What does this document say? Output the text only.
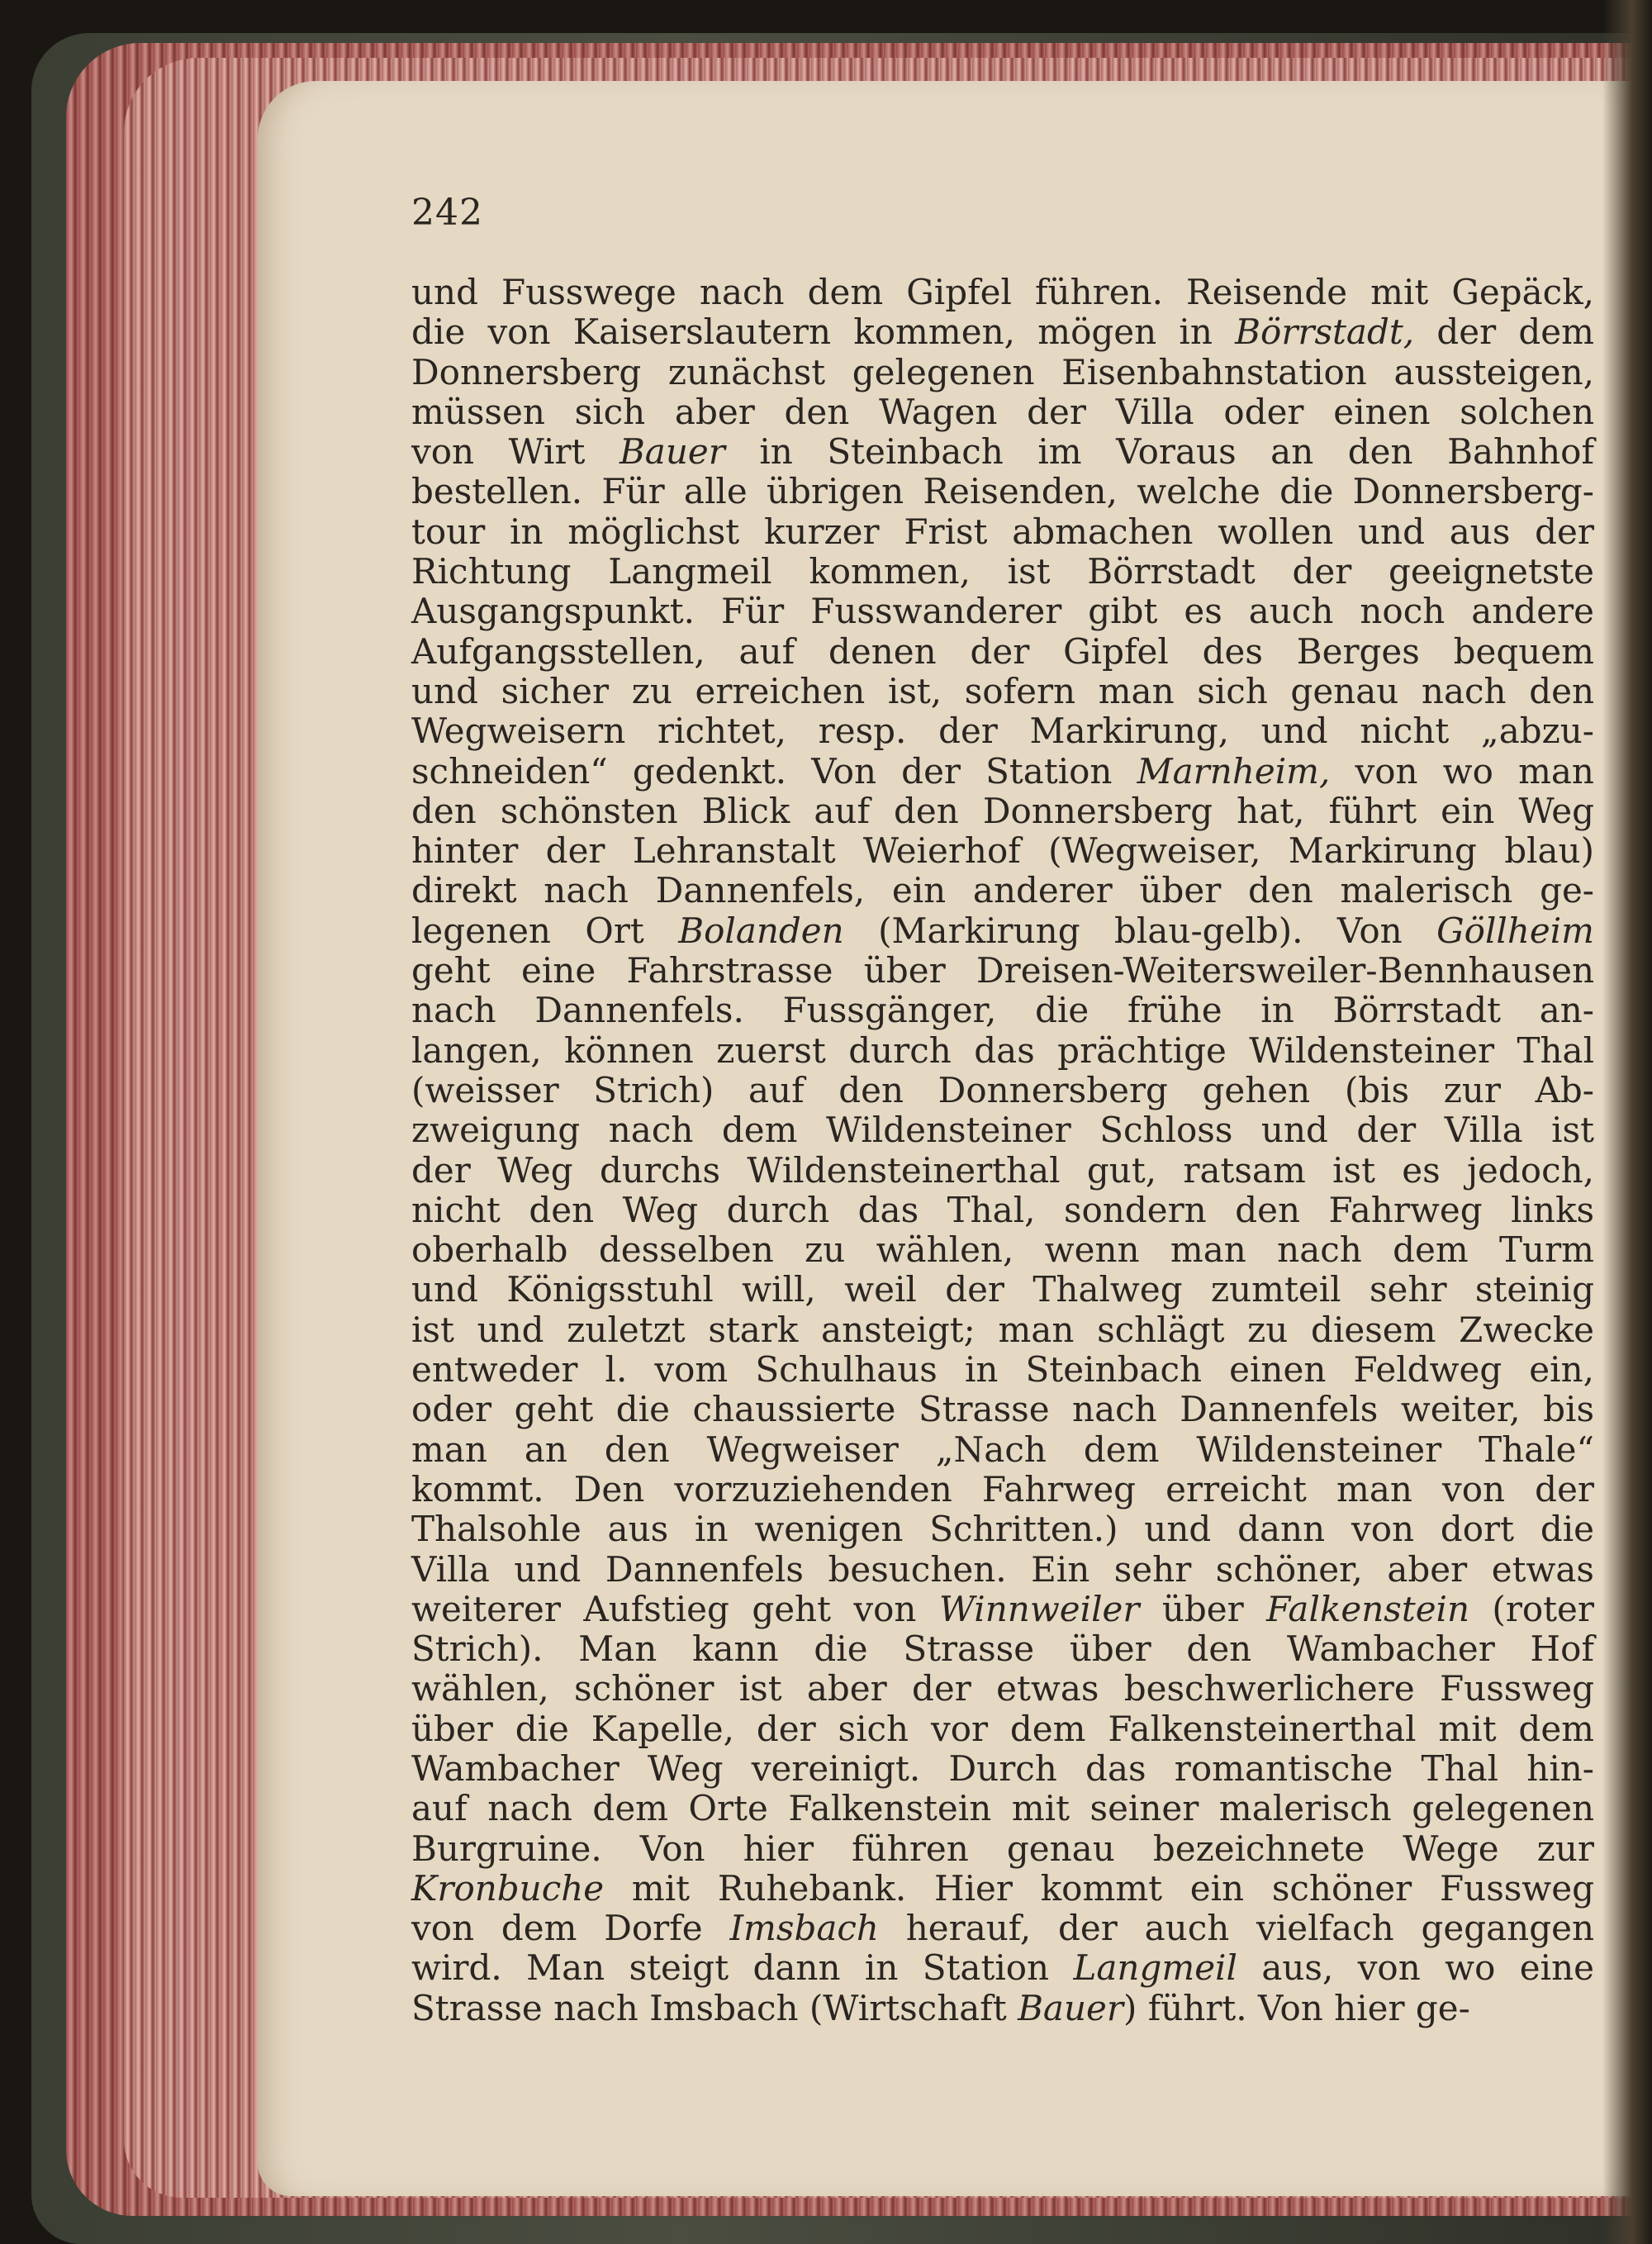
242
und Fusswege nach dem Gipfel führen. Reisende mit Gepäck,
die von Kaiserslautern kommen, mögen in Börrstadt, der dem
Donnersberg zunächst gelegenen Eisenbahnstation aussteigen,
müssen sich aber den Wagen der Villa oder einen solchen
von Wirt Bauer in Steinbach im Voraus an den Bahnhof
bestellen. Für alle übrigen Reisenden, welche die Donnersberg-
tour in möglichst kurzer Frist abmachen wollen und aus der
Richtung Langmeil kommen, ist Börrstadt der geeignetste
Ausgangspunkt. Für Fusswanderer gibt es auch noch andere
Aufgangsstellen, auf denen der Gipfel des Berges bequem
und sicher zu erreichen ist, sofern man sich genau nach den
Wegweisern richtet, resp. der Markirung, und nicht „abzu-
schneiden“ gedenkt. Von der Station Marnheim, von wo man
den schönsten Blick auf den Donnersberg hat, führt ein Weg
hinter der Lehranstalt Weierhof (Wegweiser, Markirung blau)
direkt nach Dannenfels, ein anderer über den malerisch ge-
legenen Ort Bolanden (Markirung blau-gelb). Von Göllheim
geht eine Fahrstrasse über Dreisen-Weitersweiler-Bennhausen
nach Dannenfels. Fussgänger, die frühe in Börrstadt an-
langen, können zuerst durch das prächtige Wildensteiner Thal
(weisser Strich) auf den Donnersberg gehen (bis zur Ab-
zweigung nach dem Wildensteiner Schloss und der Villa ist
der Weg durchs Wildensteinerthal gut, ratsam ist es jedoch,
nicht den Weg durch das Thal, sondern den Fahrweg links
oberhalb desselben zu wählen, wenn man nach dem Turm
und Königsstuhl will, weil der Thalweg zumteil sehr steinig
ist und zuletzt stark ansteigt; man schlägt zu diesem Zwecke
entweder l. vom Schulhaus in Steinbach einen Feldweg ein,
oder geht die chaussierte Strasse nach Dannenfels weiter, bis
man an den Wegweiser „Nach dem Wildensteiner Thale“
kommt. Den vorzuziehenden Fahrweg erreicht man von der
Thalsohle aus in wenigen Schritten.) und dann von dort die
Villa und Dannenfels besuchen. Ein sehr schöner, aber etwas
weiterer Aufstieg geht von Winnweiler über Falkenstein (roter
Strich). Man kann die Strasse über den Wambacher Hof
wählen, schöner ist aber der etwas beschwerlichere Fussweg
über die Kapelle, der sich vor dem Falkensteinerthal mit dem
Wambacher Weg vereinigt. Durch das romantische Thal hin-
auf nach dem Orte Falkenstein mit seiner malerisch gelegenen
Burgruine. Von hier führen genau bezeichnete Wege zur
Kronbuche mit Ruhebank. Hier kommt ein schöner Fussweg
von dem Dorfe Imsbach herauf, der auch vielfach gegangen
wird. Man steigt dann in Station Langmeil aus, von wo eine
Strasse nach Imsbach (Wirtschaft Bauer) führt. Von hier ge-
